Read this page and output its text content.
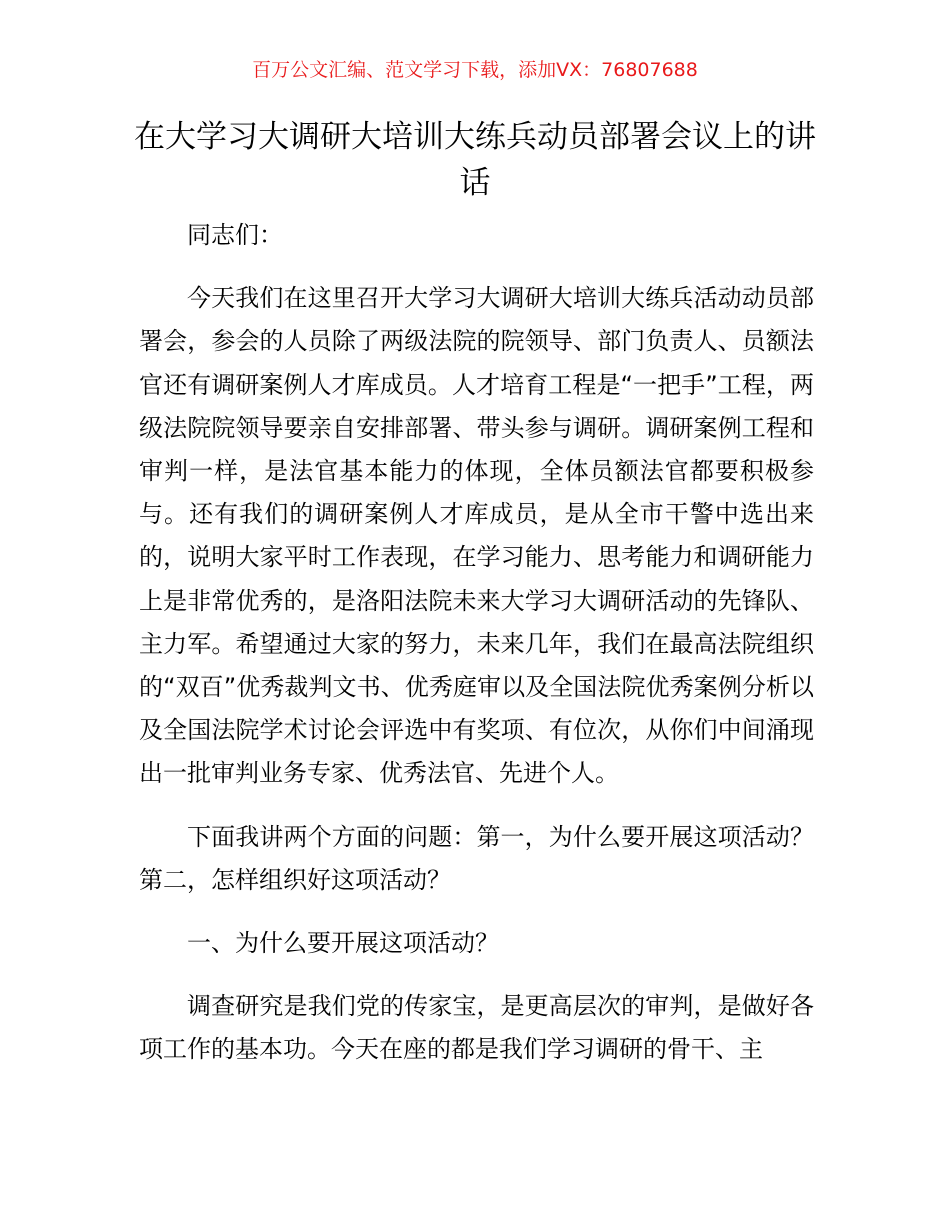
百万公文汇编、范文学习下载，添加VX：76807688
在大学习大调研大培训大练兵动员部署会议上的讲话

同志们：

今天我们在这里召开大学习大调研大培训大练兵活动动员部署会，参会的人员除了两级法院的院领导、部门负责人、员额法官还有调研案例人才库成员。人才培育工程是“一把手”工程，两级法院院领导要亲自安排部署、带头参与调研。调研案例工程和审判一样，是法官基本能力的体现，全体员额法官都要积极参与。还有我们的调研案例人才库成员，是从全市干警中选出来的，说明大家平时工作表现，在学习能力、思考能力和调研能力上是非常优秀的，是洛阳法院未来大学习大调研活动的先锋队、主力军。希望通过大家的努力，未来几年，我们在最高法院组织的“双百”优秀裁判文书、优秀庭审以及全国法院优秀案例分析以及全国法院学术讨论会评选中有奖项、有位次，从你们中间涌现出一批审判业务专家、优秀法官、先进个人。

下面我讲两个方面的问题：第一，为什么要开展这项活动？第二，怎样组织好这项活动？

一、为什么要开展这项活动？

调查研究是我们党的传家宝，是更高层次的审判，是做好各项工作的基本功。今天在座的都是我们学习调研的骨干、主
